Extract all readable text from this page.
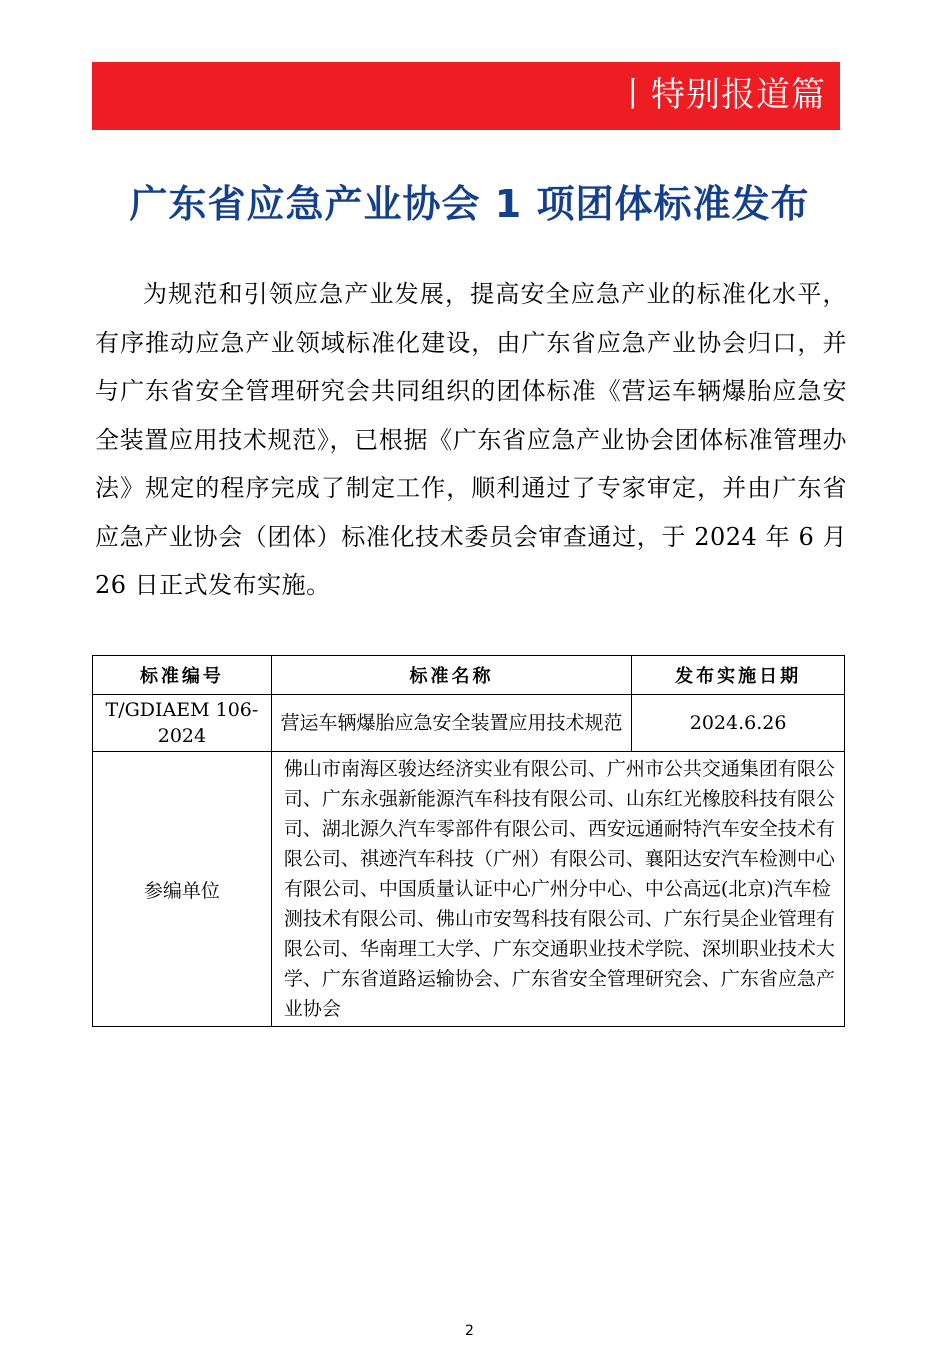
丨特别报道篇
广东省应急产业协会 1 项团体标准发布
为规范和引领应急产业发展，提高安全应急产业的标准化水平，有序推动应急产业领域标准化建设，由广东省应急产业协会归口，并与广东省安全管理研究会共同组织的团体标准《营运车辆爆胎应急安全装置应用技术规范》，已根据《广东省应急产业协会团体标准管理办法》规定的程序完成了制定工作，顺利通过了专家审定，并由广东省应急产业协会（团体）标准化技术委员会审查通过，于 2024 年 6 月 26 日正式发布实施。
标准编号	标准名称	发布实施日期
T/GDIAEM 106-2024	营运车辆爆胎应急安全装置应用技术规范	2024.6.26
参编单位	佛山市南海区骏达经济实业有限公司、广州市公共交通集团有限公司、广东永强新能源汽车科技有限公司、山东红光橡胶科技有限公司、湖北源久汽车零部件有限公司、西安远通耐特汽车安全技术有限公司、祺迹汽车科技（广州）有限公司、襄阳达安汽车检测中心有限公司、中国质量认证中心广州分中心、中公高远(北京)汽车检测技术有限公司、佛山市安驾科技有限公司、广东行昊企业管理有限公司、华南理工大学、广东交通职业技术学院、深圳职业技术大学、广东省道路运输协会、广东省安全管理研究会、广东省应急产业协会	
2
